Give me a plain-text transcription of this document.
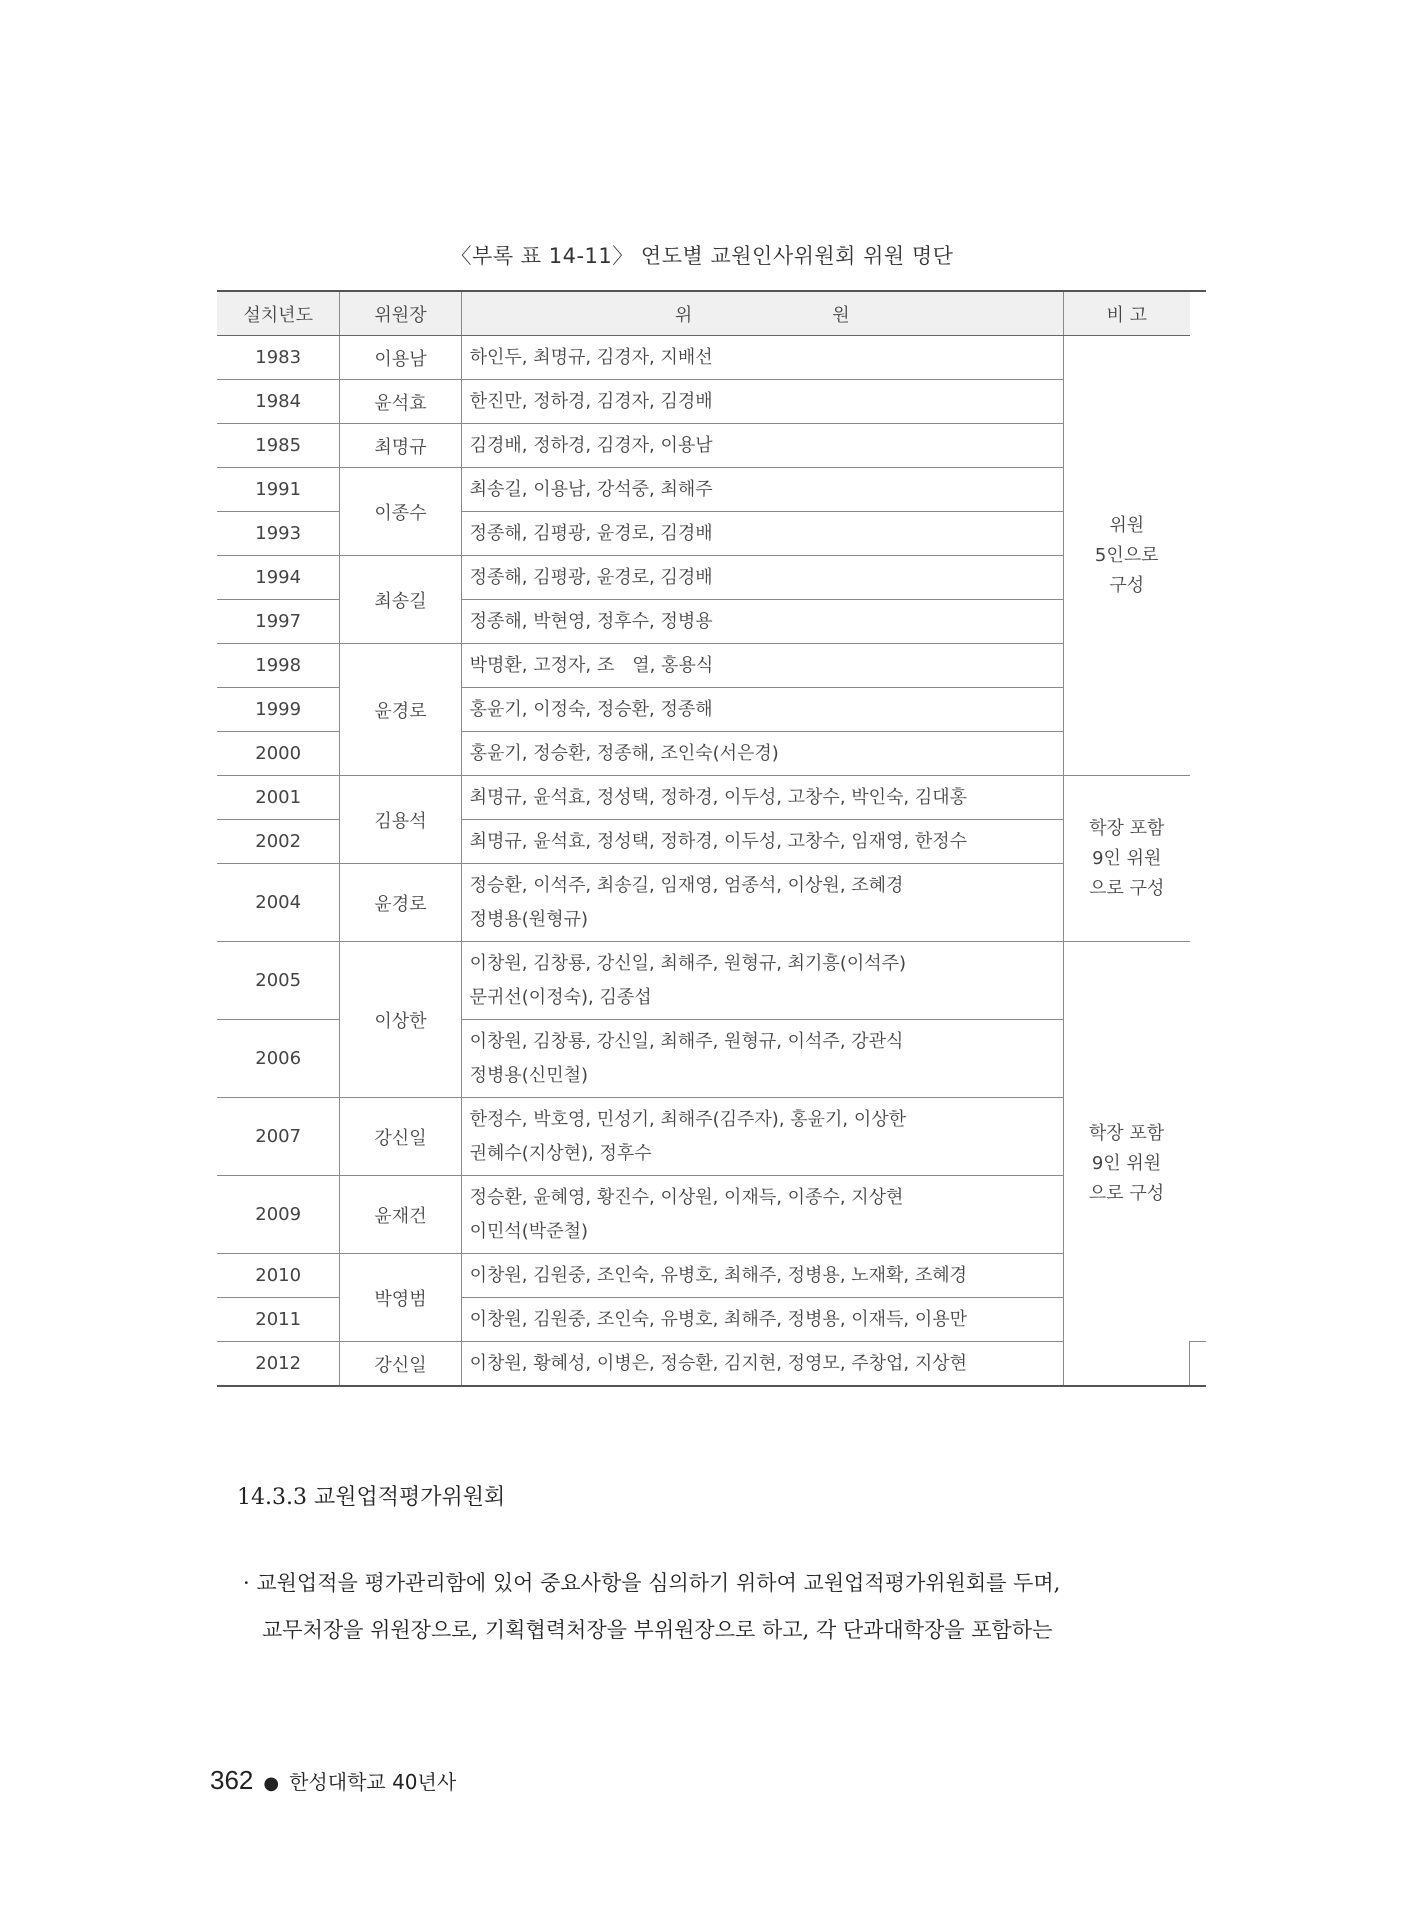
〈부록 표 14-11〉 연도별 교원인사위원회 위원 명단
설치년도	위원장	위원	비 고	
1983	이용남	하인두, 최명규, 김경자, 지배선	위원
5인으로
구성	
1984	윤석효	한진만, 정하경, 김경자, 김경배		
1985	최명규	김경배, 정하경, 김경자, 이용남		
1991	이종수	최송길, 이용남, 강석중, 최해주		
1993		정종해, 김평광, 윤경로, 김경배		
1994	최송길	정종해, 김평광, 윤경로, 김경배		
1997		정종해, 박현영, 정후수, 정병용		
1998	윤경로	박명환, 고정자, 조　열, 홍용식		
1999		홍윤기, 이정숙, 정승환, 정종해		
2000		홍윤기, 정승환, 정종해, 조인숙(서은경)		
2001	김용석	최명규, 윤석효, 정성택, 정하경, 이두성, 고창수, 박인숙, 김대홍	학장 포함
9인 위원
으로 구성	
2002		최명규, 윤석효, 정성택, 정하경, 이두성, 고창수, 임재영, 한정수		
2004	윤경로	정승환, 이석주, 최송길, 임재영, 엄종석, 이상원, 조혜경
정병용(원형규)		
2005	이상한	이창원, 김창룡, 강신일, 최해주, 원형규, 최기흥(이석주)
문귀선(이정숙), 김종섭	학장 포함
9인 위원
으로 구성	
2006		이창원, 김창룡, 강신일, 최해주, 원형규, 이석주, 강관식
정병용(신민철)		
2007	강신일	한정수, 박호영, 민성기, 최해주(김주자), 홍윤기, 이상한
권혜수(지상현), 정후수		
2009	윤재건	정승환, 윤혜영, 황진수, 이상원, 이재득, 이종수, 지상현
이민석(박준철)		
2010	박영범	이창원, 김원중, 조인숙, 유병호, 최해주, 정병용, 노재확, 조혜경		
2011		이창원, 김원중, 조인숙, 유병호, 최해주, 정병용, 이재득, 이용만		
2012	강신일	이창원, 황혜성, 이병은, 정승환, 김지현, 정영모, 주창업, 지상현		
14.3.3 교원업적평가위원회
· 교원업적을 평가관리함에 있어 중요사항을 심의하기 위하여 교원업적평가위원회를 두며,
교무처장을 위원장으로, 기획협력처장을 부위원장으로 하고, 각 단과대학장을 포함하는
362 ● 한성대학교 40년사
